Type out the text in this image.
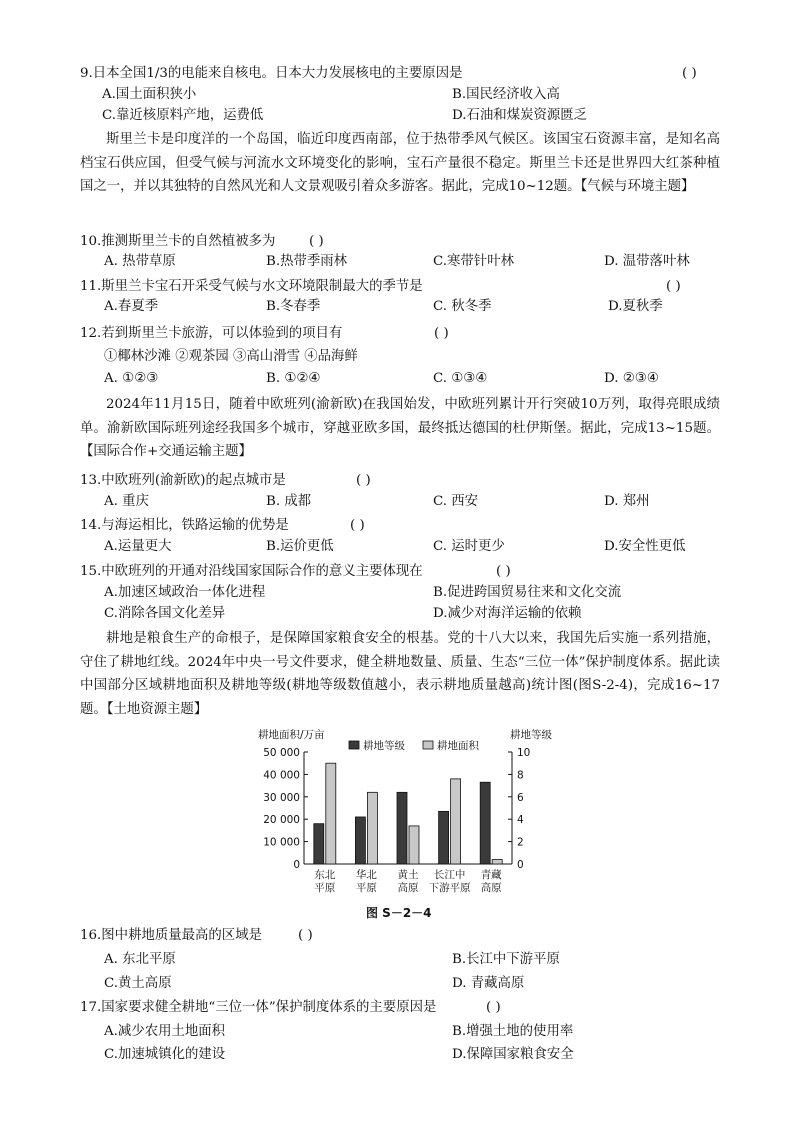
9.日本全国1/3的电能来自核电。日本大力发展核电的主要原因是	( )
A.国土面积狭小	B.国民经济收入高
C.靠近核原料产地，运费低	D.石油和煤炭资源匮乏
斯里兰卡是印度洋的一个岛国，临近印度西南部，位于热带季风气候区。该国宝石资源丰富，是知名高档宝石供应国，但受气候与河流水文环境变化的影响，宝石产量很不稳定。斯里兰卡还是世界四大红茶种植国之一，并以其独特的自然风光和人文景观吸引着众多游客。据此，完成10~12题。【气候与环境主题】
10.推测斯里兰卡的自然植被多为	( )
A. 热带草原	B.热带季雨林	C.寒带针叶林	D. 温带落叶林
11.斯里兰卡宝石开采受气候与水文环境限制最大的季节是	( )
A.春夏季	B.冬春季	C. 秋冬季	D.夏秋季
12.若到斯里兰卡旅游，可以体验到的项目有	( )
①椰林沙滩 ②观茶园 ③高山滑雪 ④品海鲜
A. ①②③	B. ①②④	C. ①③④	D. ②③④
2024年11月15日，随着中欧班列(渝新欧)在我国始发，中欧班列累计开行突破10万列，取得亮眼成绩单。渝新欧国际班列途经我国多个城市，穿越亚欧多国，最终抵达德国的杜伊斯堡。据此，完成13~15题。【国际合作+交通运输主题】
13.中欧班列(渝新欧)的起点城市是	( )
A. 重庆	B. 成都	C. 西安	D. 郑州
14.与海运相比，铁路运输的优势是	( )
A.运量更大	B.运价更低	C. 运时更少	D.安全性更低
15.中欧班列的开通对沿线国家国际合作的意义主要体现在	( )
A.加速区域政治一体化进程	B.促进跨国贸易往来和文化交流
C.消除各国文化差异	D.减少对海洋运输的依赖
耕地是粮食生产的命根子，是保障国家粮食安全的根基。党的十八大以来，我国先后实施一系列措施，守住了耕地红线。2024年中央一号文件要求，健全耕地数量、质量、生态“三位一体”保护制度体系。据此读中国部分区域耕地面积及耕地等级(耕地等级数值越小，表示耕地质量越高)统计图(图S-2-4)，完成16~17题。【土地资源主题】
耕地面积/万亩	耕地等级
0
10 000
20 000
30 000
40 000
50 000
0
2
4
6
8
10
耕地等级	耕地面积
东北
平原
华北
平原
黄土
高原
长江中
下游平原
青藏
高原
图 S－2－4
16.图中耕地质量最高的区域是	( )
A. 东北平原	B.长江中下游平原
C.黄土高原	D. 青藏高原
17.国家要求健全耕地“三位一体”保护制度体系的主要原因是	( )
A.减少农用土地面积	B.增强土地的使用率
C.加速城镇化的建设	D.保障国家粮食安全
